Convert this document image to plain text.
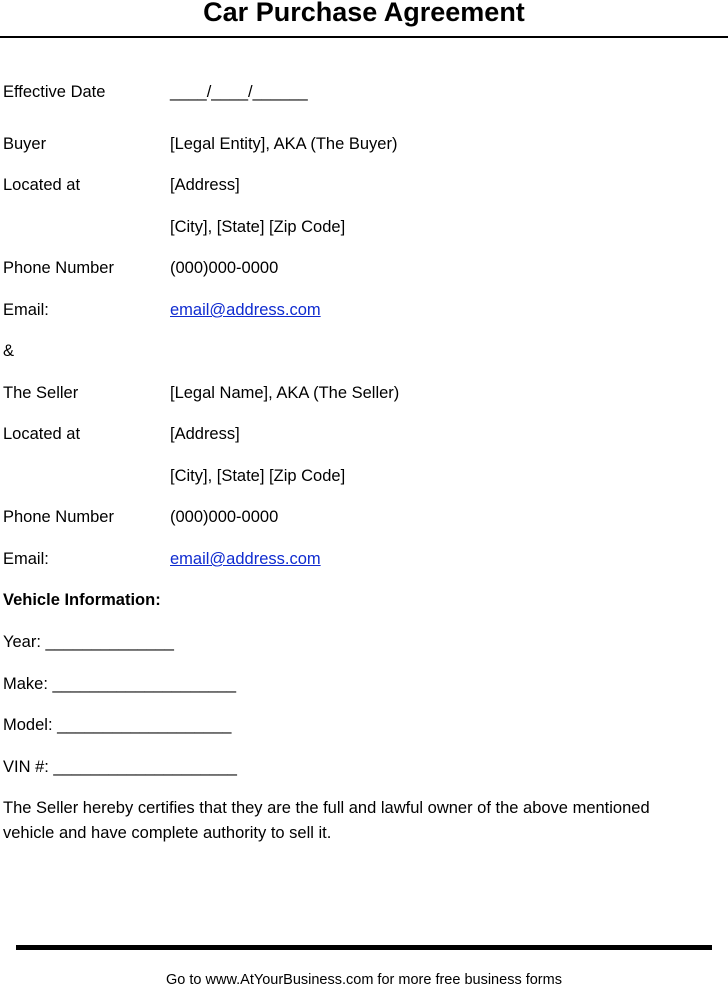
Car Purchase Agreement
Effective Date	____/____/______
Buyer	[Legal Entity], AKA (The Buyer)
Located at	[Address]
[City], [State] [Zip Code]
Phone Number	(000)000-0000
Email:	email@address.com
&
The Seller	[Legal Name], AKA (The Seller)
Located at	[Address]
[City], [State] [Zip Code]
Phone Number	(000)000-0000
Email:	email@address.com
Vehicle Information:
Year: ______________
Make: ____________________
Model: ___________________
VIN #: ____________________

The Seller hereby certifies that they are the full and lawful owner of the above mentioned vehicle and have complete authority to sell it.

Go to www.AtYourBusiness.com for more free business forms
